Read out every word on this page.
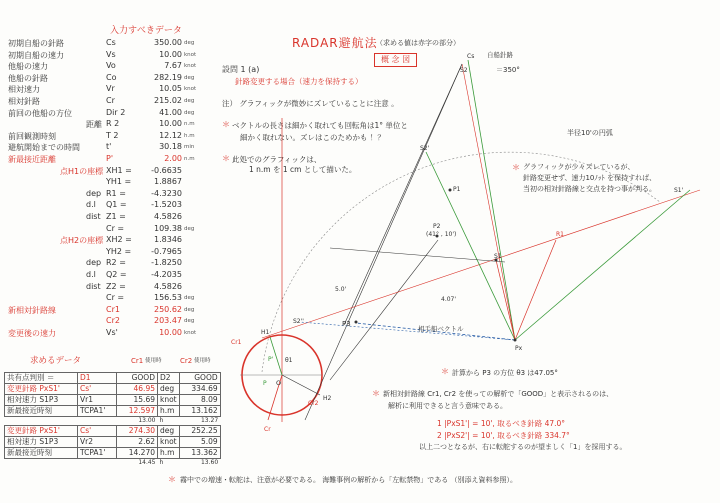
入力すべきデータ
初期自船の針路	Cs	350.00 deg
初期自船の速力	Vs	10.00 knot
他船の速力	Vo	7.67 knot
他船の針路	Co	282.19 deg
相対速力	Vr	10.05 knot
相対針路	Cr	215.02 deg
前回の他船の方位	Dir 2	41.00 deg
距離 R 2	10.00 n.m
前回観測時刻	T 2	12.12 h.m
避航開始までの時間	t'	30.18 min
新最接近距離	P'	2.00 n.m
点H1の座標 XH1 =	-0.6635
YH1 =	1.8867
dep R1 =	-4.3230
d.l Q1 =	-1.5203
dist Z1 =	4.5826
Cr =	109.38 deg
点H2の座標 XH2 =	1.8346
YH2 =	-0.7965
dep R2 =	-1.8250
d.l Q2 =	-4.2035
dist Z2 =	4.5826
Cr =	156.53 deg
新相対針路線	Cr1	250.62 deg
Cr2	203.47 deg
変更後の速力	Vs'	10.00 knot
求めるデータ	Cr1 使用時	Cr2 使用時
共有点判別 ＝	D1	GOOD	D2	GOOD
変更針路 PxS1'	Cs'	46.95	deg	334.69
相対速力 S1P3	Vr1	15.69	knot	8.09
新最接近時刻	TCPA1'	12.597	h.m	13.162
		13.00	h	13.27
変更針路 PxS1'	Cs'	274.30	deg	252.25
相対速力 S1P3	Vr2	2.62	knot	5.09
新最接近時刻	TCPA1'	14.270	h.m	13.362
		14.45	h	13.60
RADAR避航法
（求める値は赤字の部分）
概 念 図
設問 1 (a)
針路変更する場合（速力を保持する）
注） グラフィックが微妙にズレていることに注意 。
＊ ベクトルの長さは細かく取れても回転角は1° 単位と
細かく取れない。ズレはこのためかも ！？
＊ 此処でのグラフィックは、
1 n.m を 1 cm として描いた。	＊ グラフィックが少々ズレているが、
針路変更せず、速力10ﾉｯﾄ を保持すれば、
当初の相対針路線と交点を持つ事が判る。
＊ 計算から P3 の方位 θ3 は47.05°
＊ 新相対針路線 Cr1, Cr2 を使っての解析で「GOOD」と表示されるのは、
解析に利用できると言う意味である。
1 |PxS1'| = 10', 取るべき針路 47.0°
2 |PxS2'| = 10', 取るべき針路 334.7°
以上二つとなるが、右に転舵するのが望ましく「1」を採用する。
＊ 霧中での増速・転舵は、注意が必要である。 海難事例の解析から「左転禁物」である （別添え資料参照）。
自船針路
＝350°
半径10'の円弧
S2
Cs
S2'
S1'
P1
P2
(41° , 10')
S1
R1
P3
Px
S2''
H1
H2
O
P
P'
Cr
Cr1
Cr2
θ1
5.0'
4.07'
相手船ベクトル
